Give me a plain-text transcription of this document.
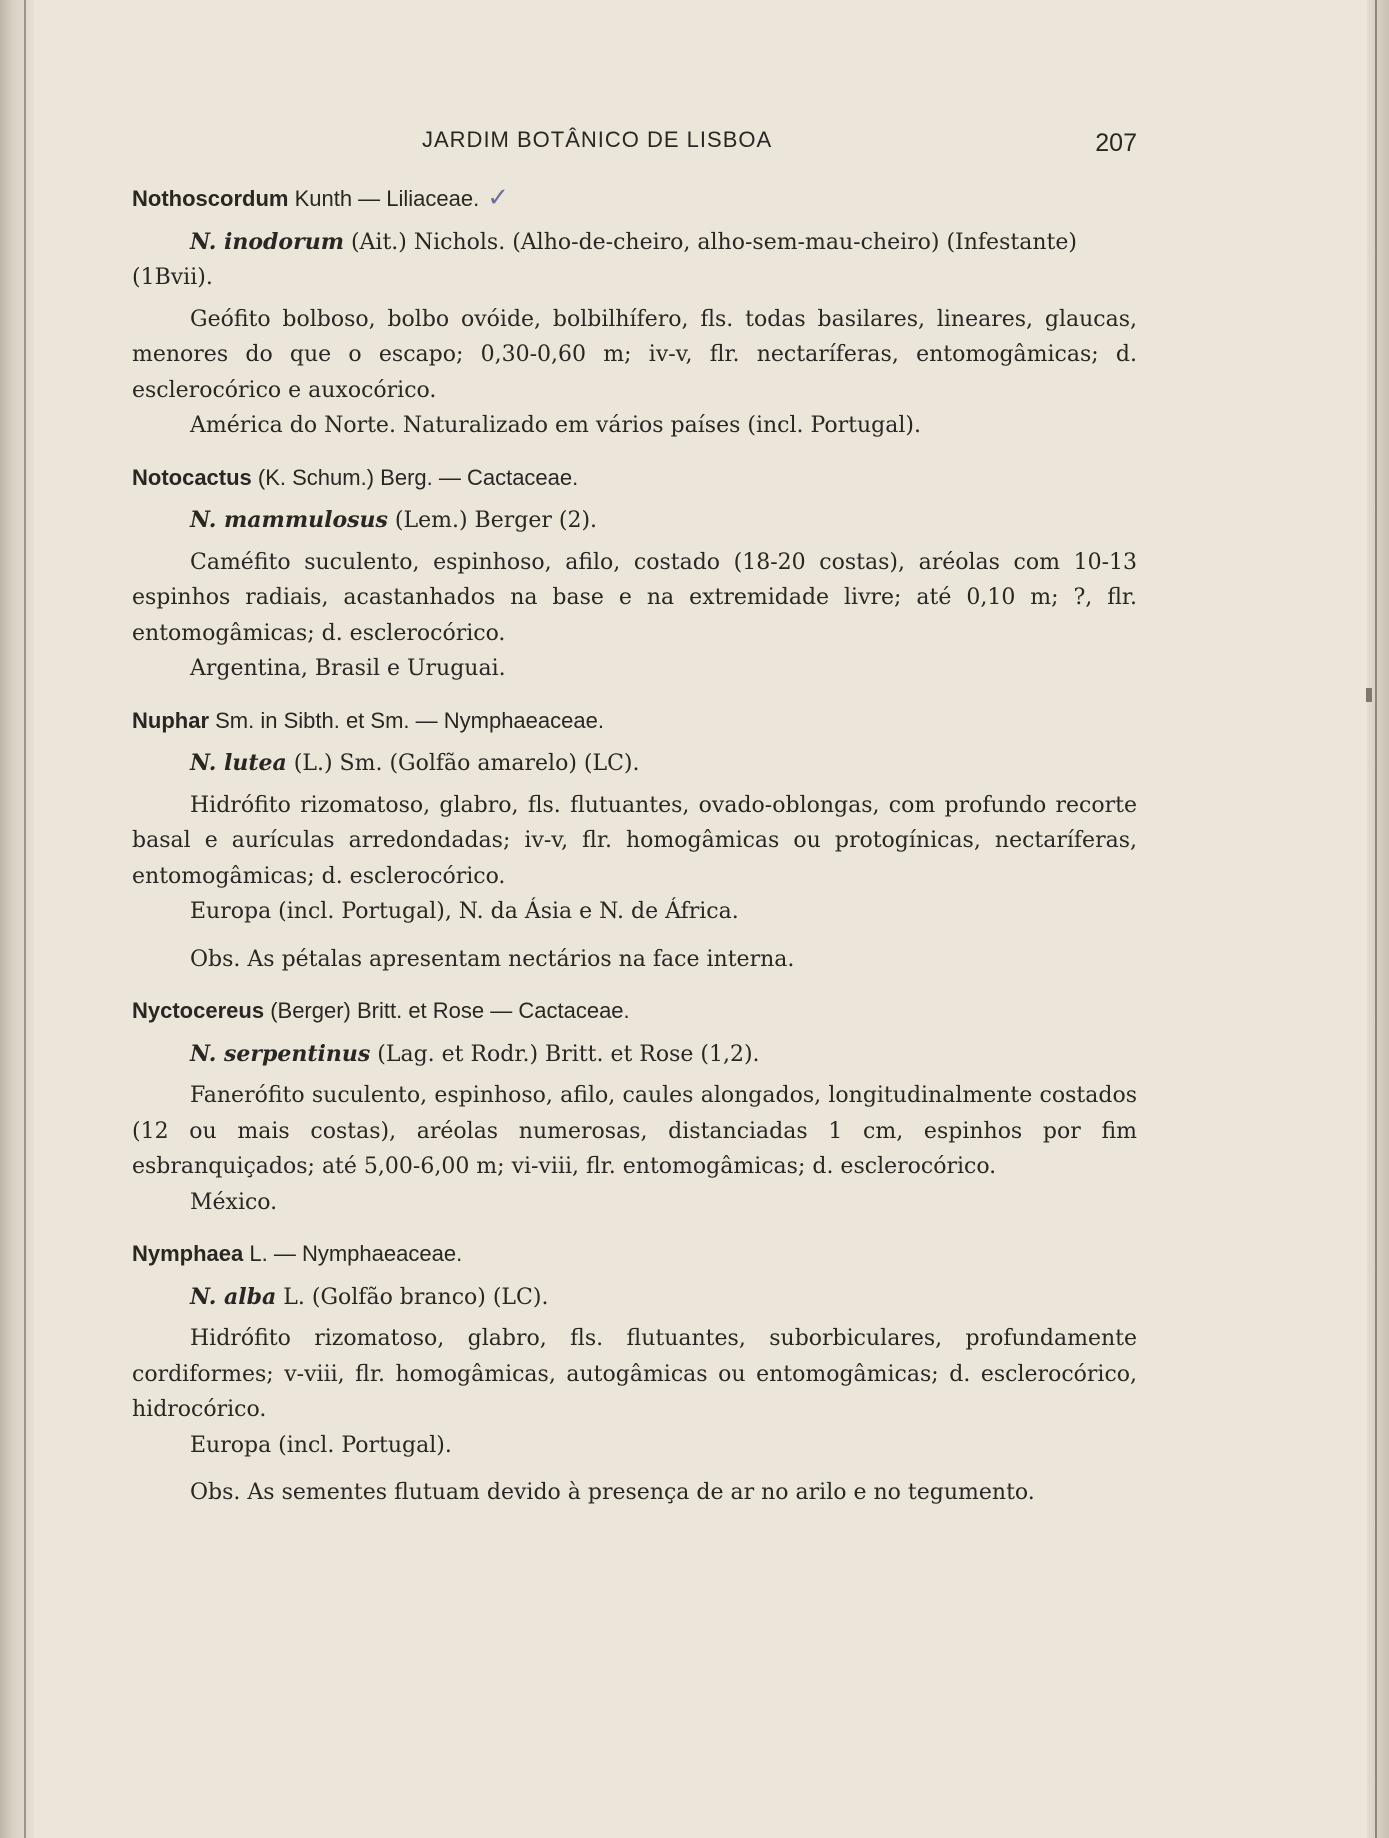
JARDIM BOTÂNICO DE LISBOA	207

Nothoscordum Kunth — Liliaceae. ✓

N. inodorum (Ait.) Nichols. (Alho-de-cheiro, alho-sem-mau-cheiro) (Infestante) (1Bvii).

Geófito bolboso, bolbo ovóide, bolbilhífero, fls. todas basilares, lineares, glaucas, menores do que o escapo; 0,30-0,60 m; iv-v, flr. nectaríferas, entomogâmicas; d. esclerocórico e auxocórico.

América do Norte. Naturalizado em vários países (incl. Portugal).

Notocactus (K. Schum.) Berg. — Cactaceae.

N. mammulosus (Lem.) Berger (2).

Caméfito suculento, espinhoso, afilo, costado (18-20 costas), aréolas com 10-13 espinhos radiais, acastanhados na base e na extremidade livre; até 0,10 m; ?, flr. entomogâmicas; d. esclerocórico.

Argentina, Brasil e Uruguai.

Nuphar Sm. in Sibth. et Sm. — Nymphaeaceae.

N. lutea (L.) Sm. (Golfão amarelo) (LC).

Hidrófito rizomatoso, glabro, fls. flutuantes, ovado-oblongas, com profundo recorte basal e aurículas arredondadas; iv-v, flr. homogâmicas ou protogínicas, nectaríferas, entomogâmicas; d. esclerocórico.

Europa (incl. Portugal), N. da Ásia e N. de África.

Obs. As pétalas apresentam nectários na face interna.

Nyctocereus (Berger) Britt. et Rose — Cactaceae.

N. serpentinus (Lag. et Rodr.) Britt. et Rose (1,2).

Fanerófito suculento, espinhoso, afilo, caules alongados, longitudinalmente costados (12 ou mais costas), aréolas numerosas, distanciadas 1 cm, espinhos por fim esbranquiçados; até 5,00-6,00 m; vi-viii, flr. entomogâmicas; d. esclerocórico.

México.

Nymphaea L. — Nymphaeaceae.

N. alba L. (Golfão branco) (LC).

Hidrófito rizomatoso, glabro, fls. flutuantes, suborbiculares, profundamente cordiformes; v-viii, flr. homogâmicas, autogâmicas ou entomogâmicas; d. esclerocórico, hidrocórico.

Europa (incl. Portugal).

Obs. As sementes flutuam devido à presença de ar no arilo e no tegumento.
